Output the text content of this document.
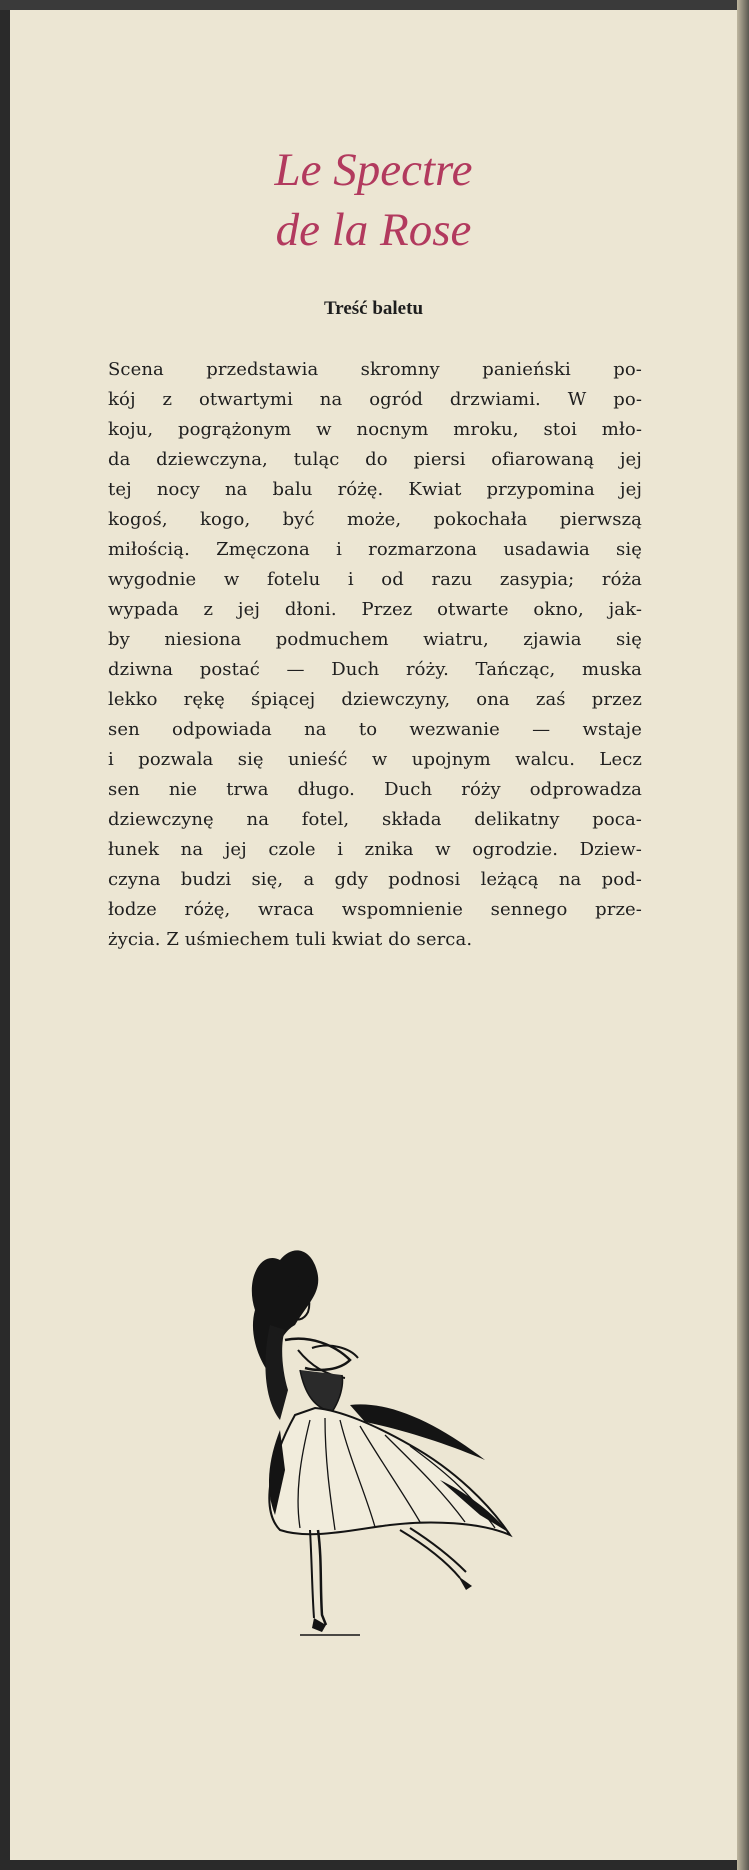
Le Spectre
de la Rose
Treść baletu
Scena przedstawia skromny panieński po-
kój z otwartymi na ogród drzwiami. W po-
koju, pogrążonym w nocnym mroku, stoi mło-
da dziewczyna, tuląc do piersi ofiarowaną jej
tej nocy na balu różę. Kwiat przypomina jej
kogoś, kogo, być może, pokochała pierwszą
miłością. Zmęczona i rozmarzona usadawia się
wygodnie w fotelu i od razu zasypia; róża
wypada z jej dłoni. Przez otwarte okno, jak-
by niesiona podmuchem wiatru, zjawia się
dziwna postać — Duch róży. Tańcząc, muska
lekko rękę śpiącej dziewczyny, ona zaś przez
sen odpowiada na to wezwanie — wstaje
i pozwala się unieść w upojnym walcu. Lecz
sen nie trwa długo. Duch róży odprowadza
dziewczynę na fotel, składa delikatny poca-
łunek na jej czole i znika w ogrodzie. Dziew-
czyna budzi się, a gdy podnosi leżącą na pod-
łodze różę, wraca wspomnienie sennego prze-
życia. Z uśmiechem tuli kwiat do serca.
